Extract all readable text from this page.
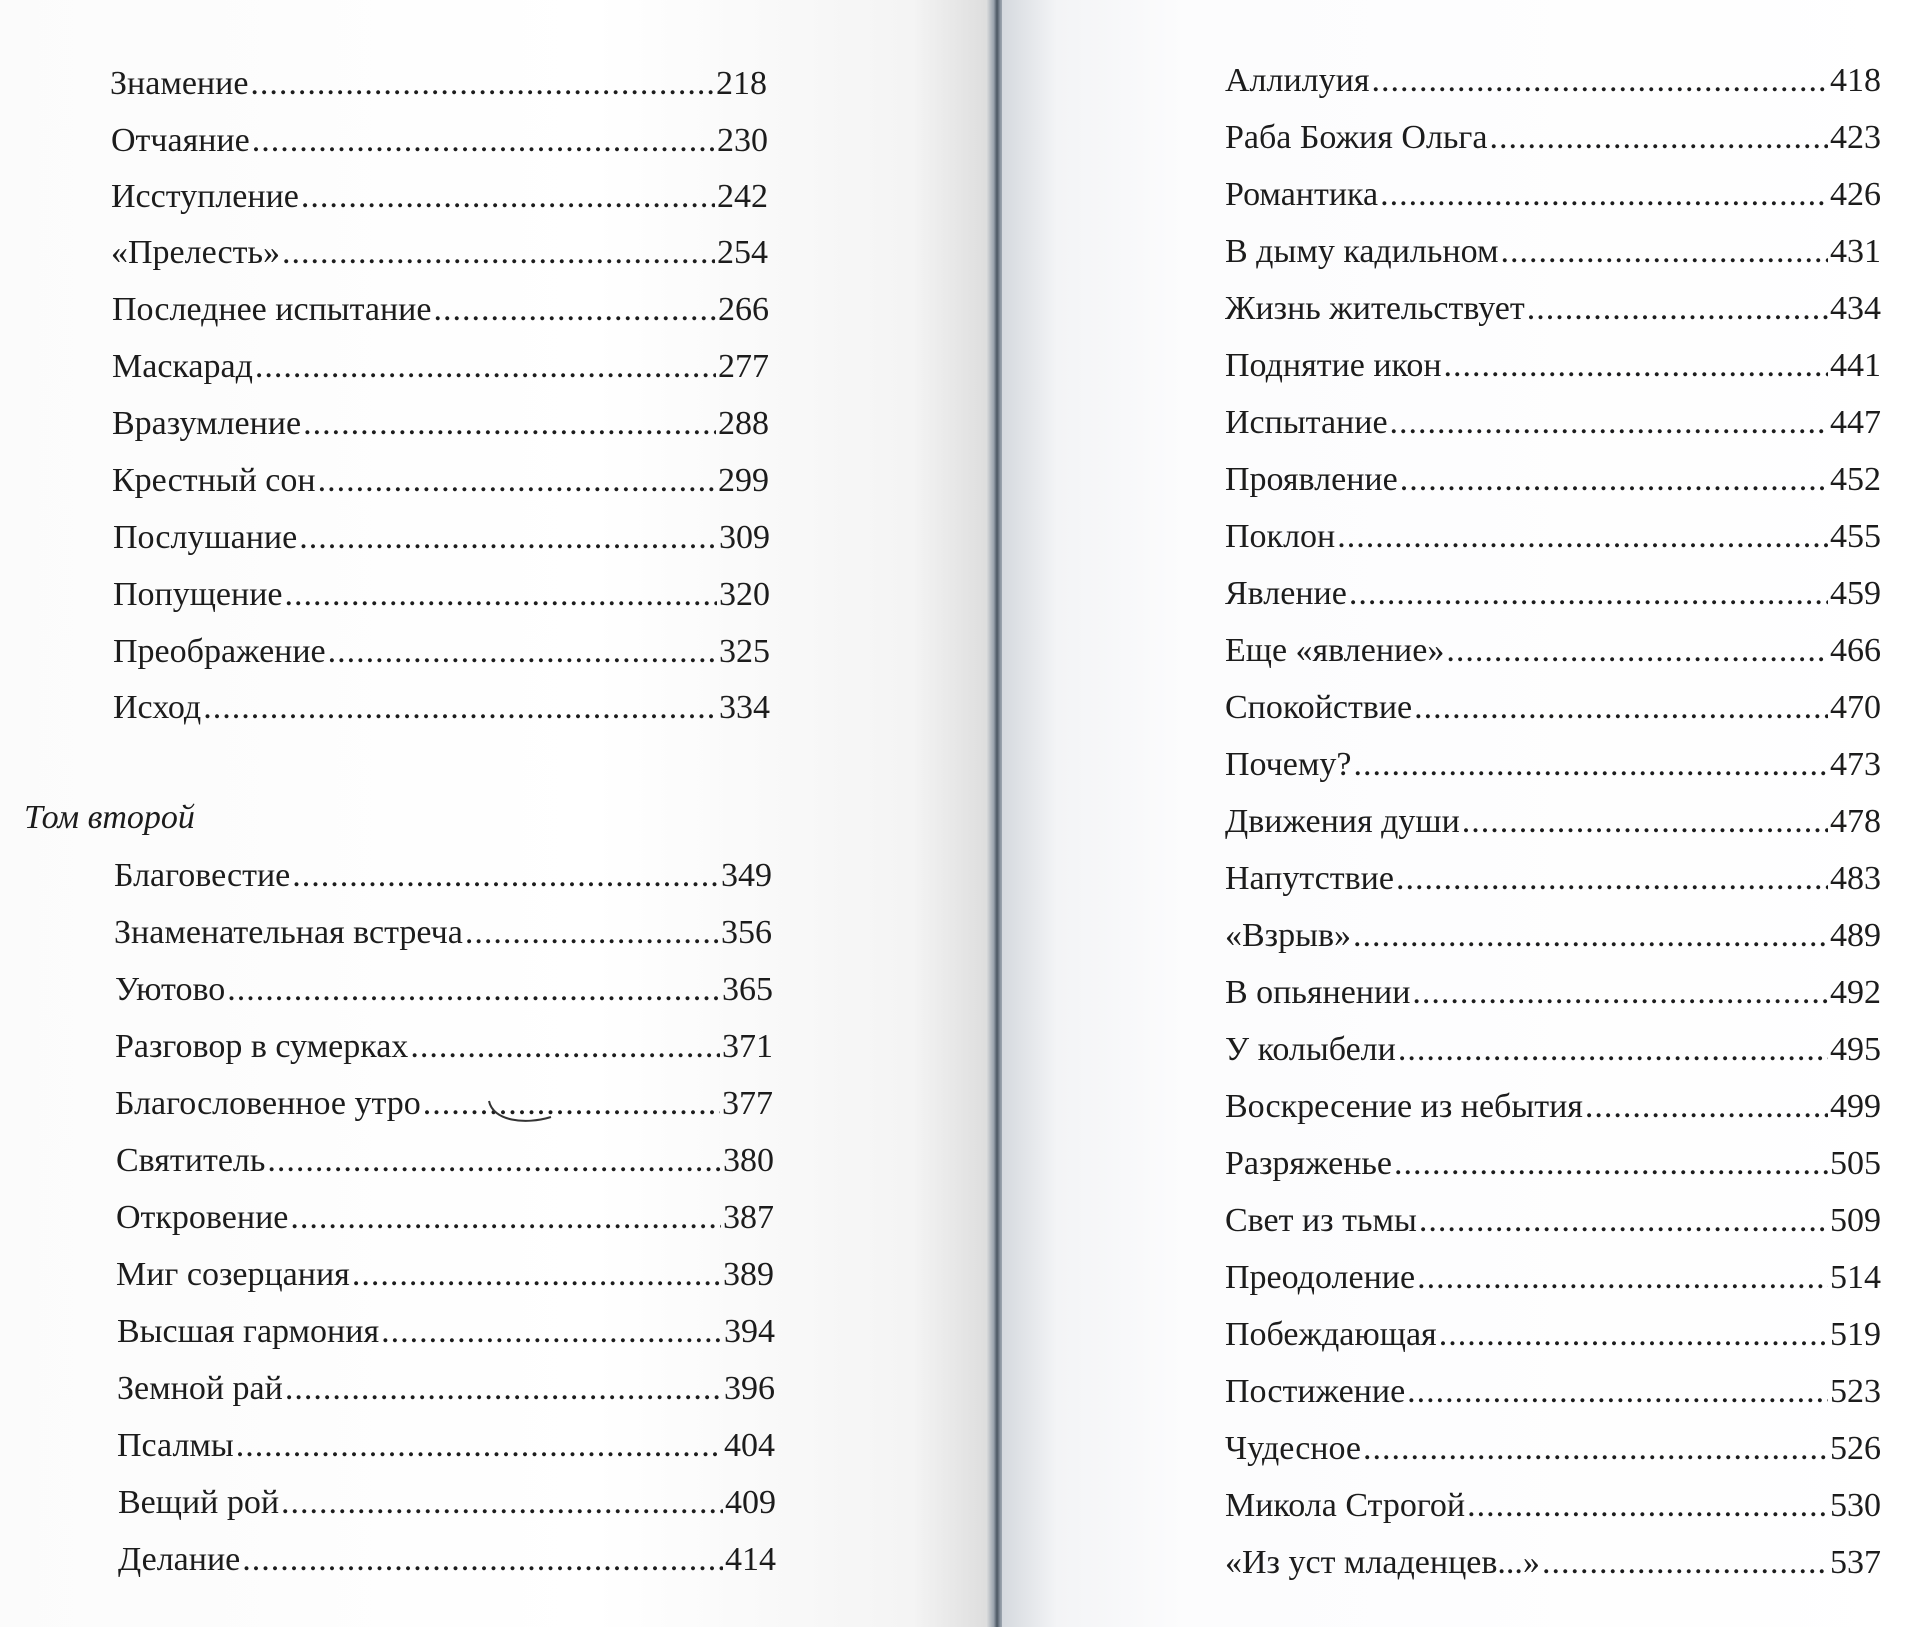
Знамение .....	218
Отчаяние .....	230
Исступление .....	242
«Прелесть» .....	254
Последнее испытание .....	266
Маскарад .....	277
Вразумление .....	288
Крестный сон .....	299
Послушание .....	309
Попущение .....	320
Преображение .....	325
Исход .....	334
Том второй
Благовестие .....	349
Знаменательная встреча .....	356
Уютово .....	365
Разговор в сумерках .....	371
Благословенное утро .....	377
Святитель .....	380
Откровение .....	387
Миг созерцания .....	389
Высшая гармония .....	394
Земной рай .....	396
Псалмы .....	404
Вещий рой .....	409
Делание .....	414
Аллилуия .....	418
Раба Божия Ольга .....	423
Романтика .....	426
В дыму кадильном .....	431
Жизнь жительствует .....	434
Поднятие икон .....	441
Испытание .....	447
Проявление .....	452
Поклон .....	455
Явление .....	459
Еще «явление» .....	466
Спокойствие .....	470
Почему? .....	473
Движения души .....	478
Напутствие .....	483
«Взрыв» .....	489
В опьянении .....	492
У колыбели .....	495
Воскресение из небытия .....	499
Разряженье .....	505
Свет из тьмы .....	509
Преодоление .....	514
Побеждающая .....	519
Постижение .....	523
Чудесное .....	526
Микола Строгой .....	530
«Из уст младенцев...» .....	537
